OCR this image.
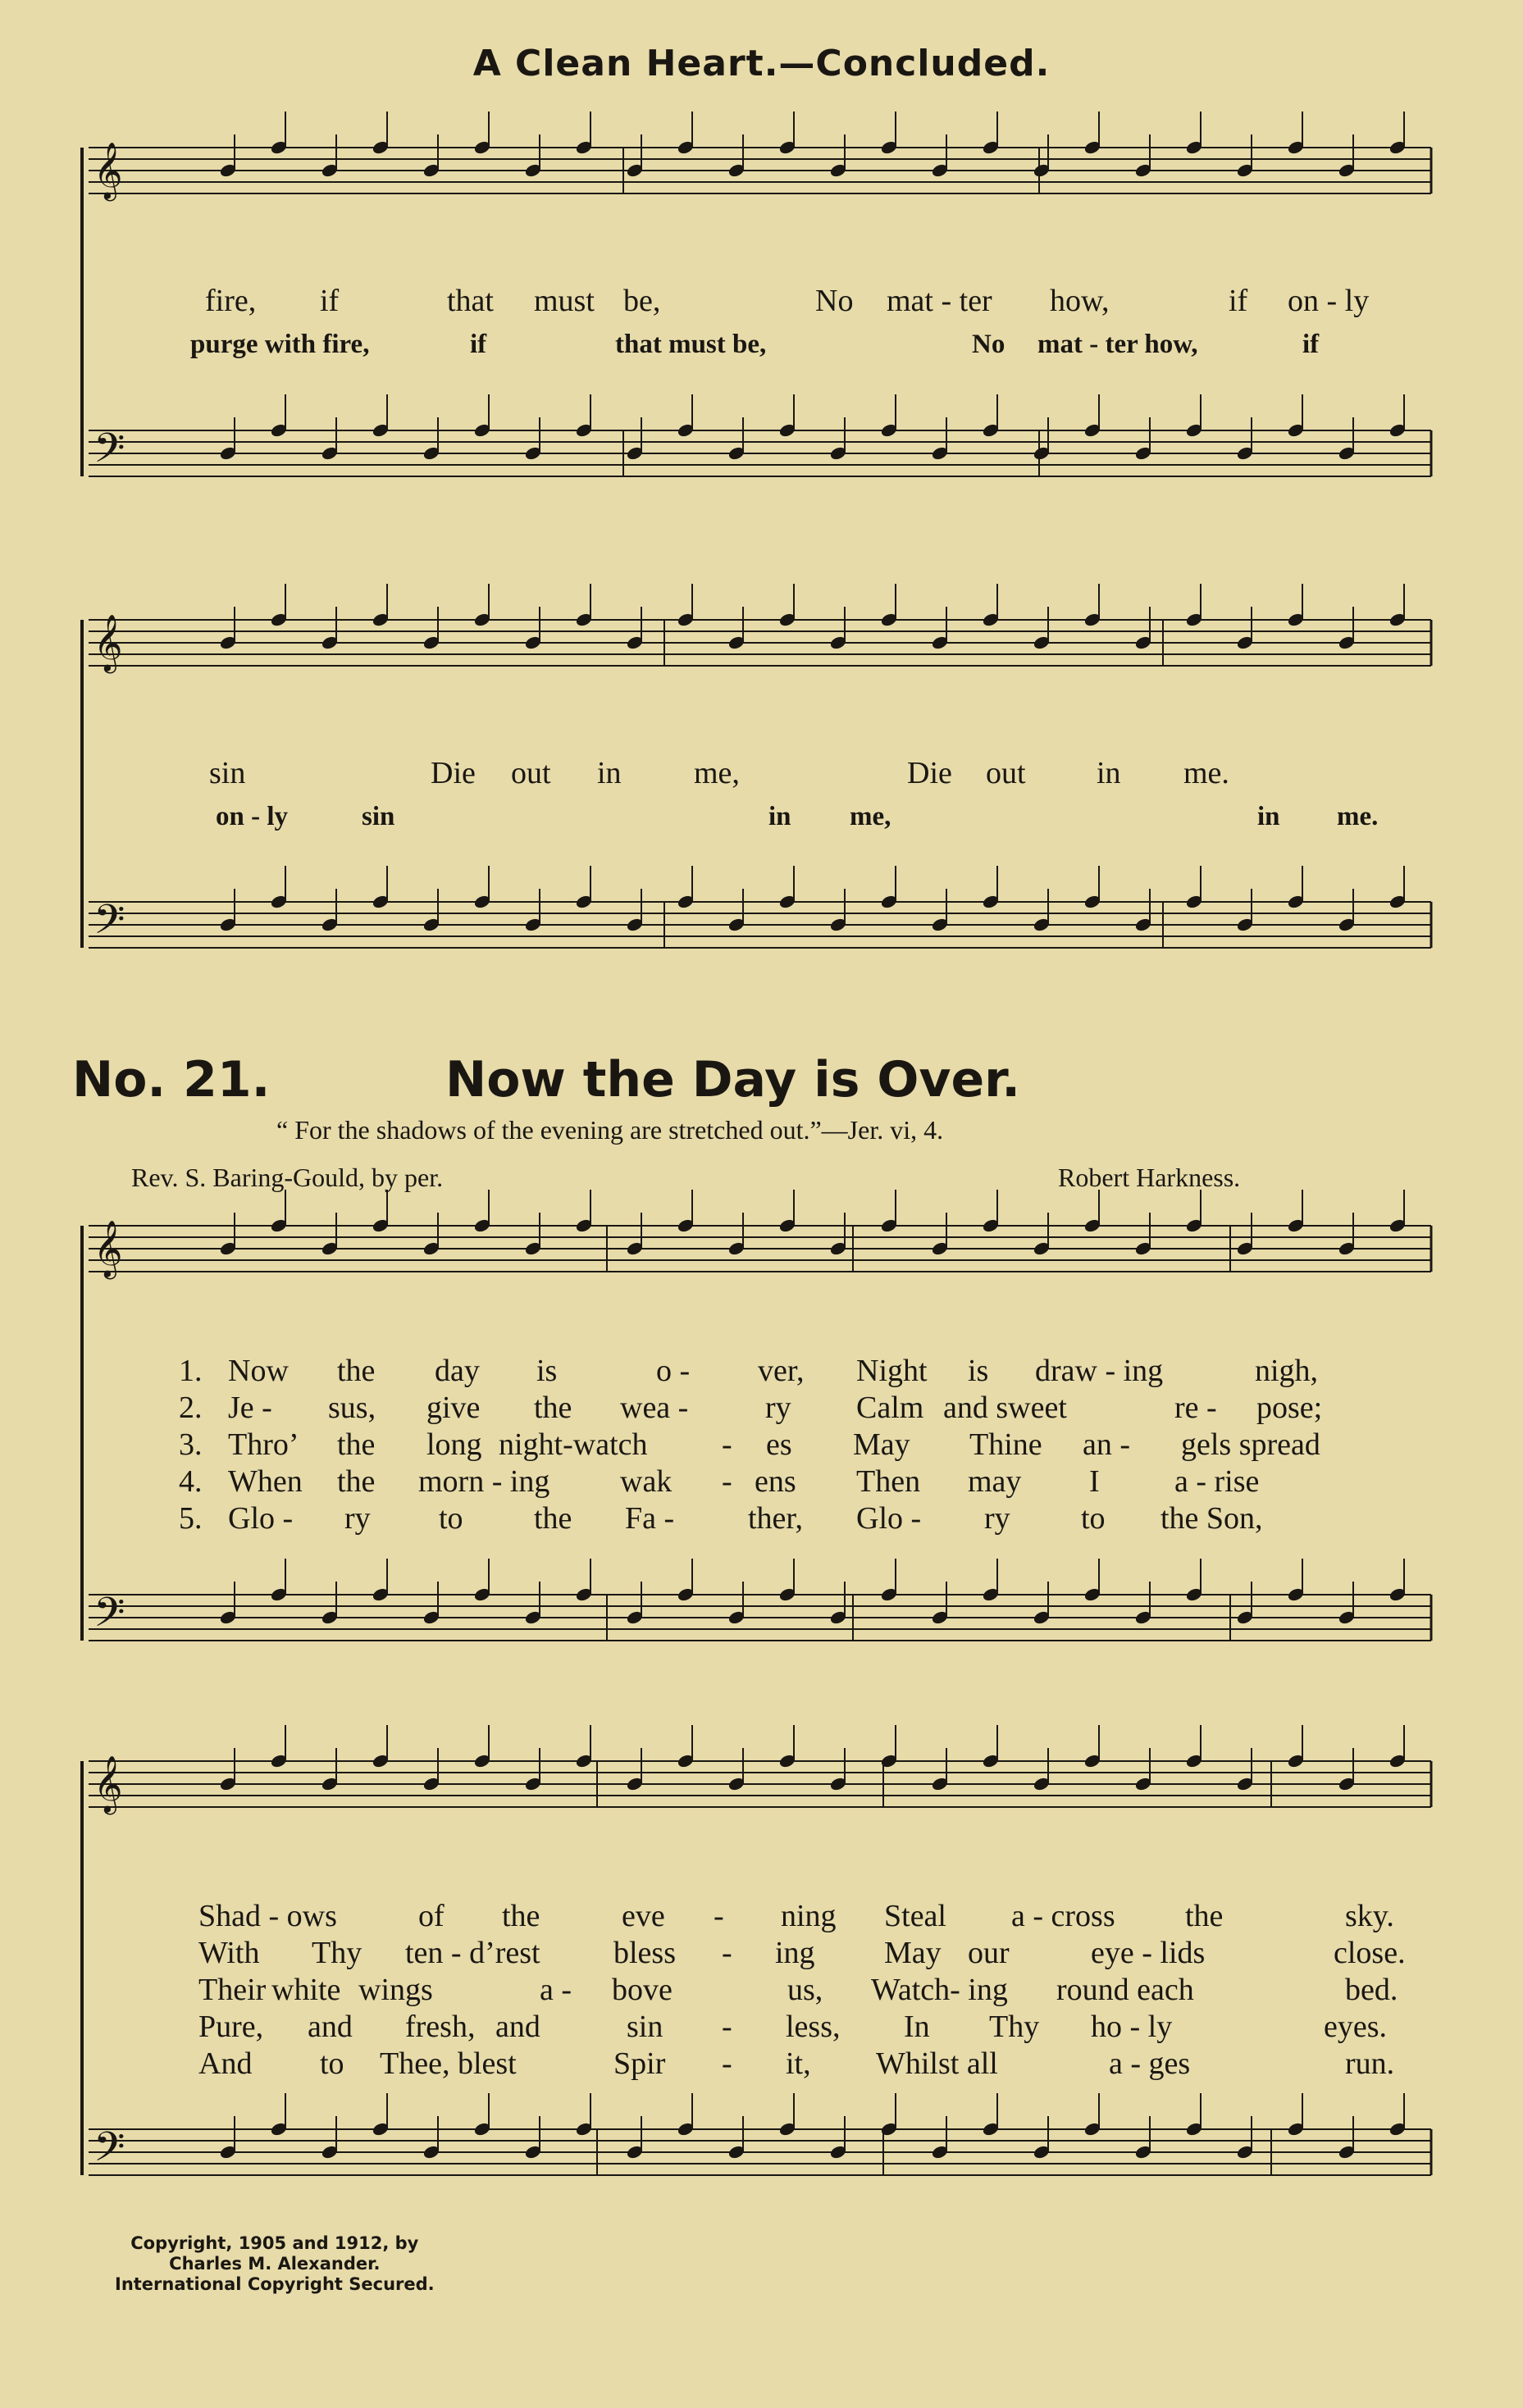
𝄞
𝄢
𝄞
𝄢
𝄞
𝄢
𝄞
𝄢
A Clean Heart.—Concluded.
fire, if	that must be,	No mat - ter how,	if on - ly
purge with fire,	if	that must be,	No mat - ter how,	if
sin	Die out in me,	Die out in me.
on - ly	sin	in me,	in me.
No. 21.	Now the Day is Over.
“ For the shadows of the evening are stretched out.”—Jer. vi, 4.
Rev. S. Baring-Gould, by per.	Robert Harkness.
1. Now the day is	o - ver, Night is draw - ing	nigh,
2. Je - sus, give the wea - ry Calm and sweet	re - pose;
3. Thro’ the long night-watch - es May Thine an - gels spread
4. When the morn - ing wak - ens Then may I a - rise
5. Glo - ry to the Fa - ther, Glo - ry to the Son,
Shad - ows	of the	eve - ning Steal a - cross the	sky.
With Thy ten - d’rest bless - ing May our	eye - lids	close.
Their white wings	a - bove	us, Watch- ing round each	bed.
Pure, and fresh, and	sin - less, In Thy ho - ly	eyes.
And to Thee, blest	Spir - it, Whilst all	a - ges	run.
Copyright, 1905 and 1912, by
Charles M. Alexander.
International Copyright Secured.
